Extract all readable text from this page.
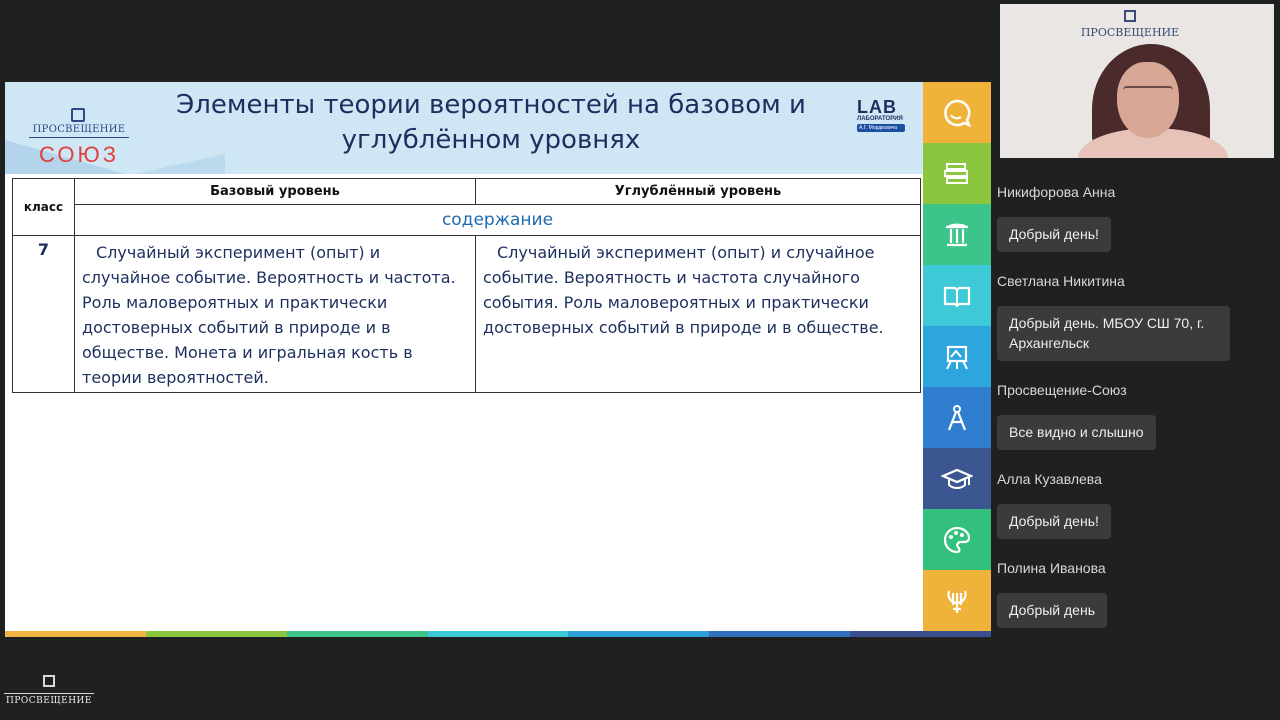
ПРОСВЕЩЕНИЕ
СОЮЗ
Элементы теории вероятностей на базовом и углублённом уровнях
LAB
ЛАБОРАТОРИЯ
А.Г. Мордковича
класс	Базовый уровень	Углублённый уровень
	содержание	
7	Случайный эксперимент (опыт) и случайное событие. Вероятность и частота. Роль маловероятных и практически достоверных событий в природе и в обществе. Монета и игральная кость в теории вероятностей.	Случайный эксперимент (опыт) и случайное событие. Вероятность и частота случайного события. Роль маловероятных и практически достоверных событий в природе и в обществе.

ПРОСВЕЩЕНИЕ
Никифорова Анна
Добрый день!
Светлана Никитина
Добрый день. МБОУ СШ 70, г. Архангельск
Просвещение-Союз
Все видно и слышно
Алла Кузавлева
Добрый день!
Полина Иванова
Добрый день
ПРОСВЕЩЕНИЕ
